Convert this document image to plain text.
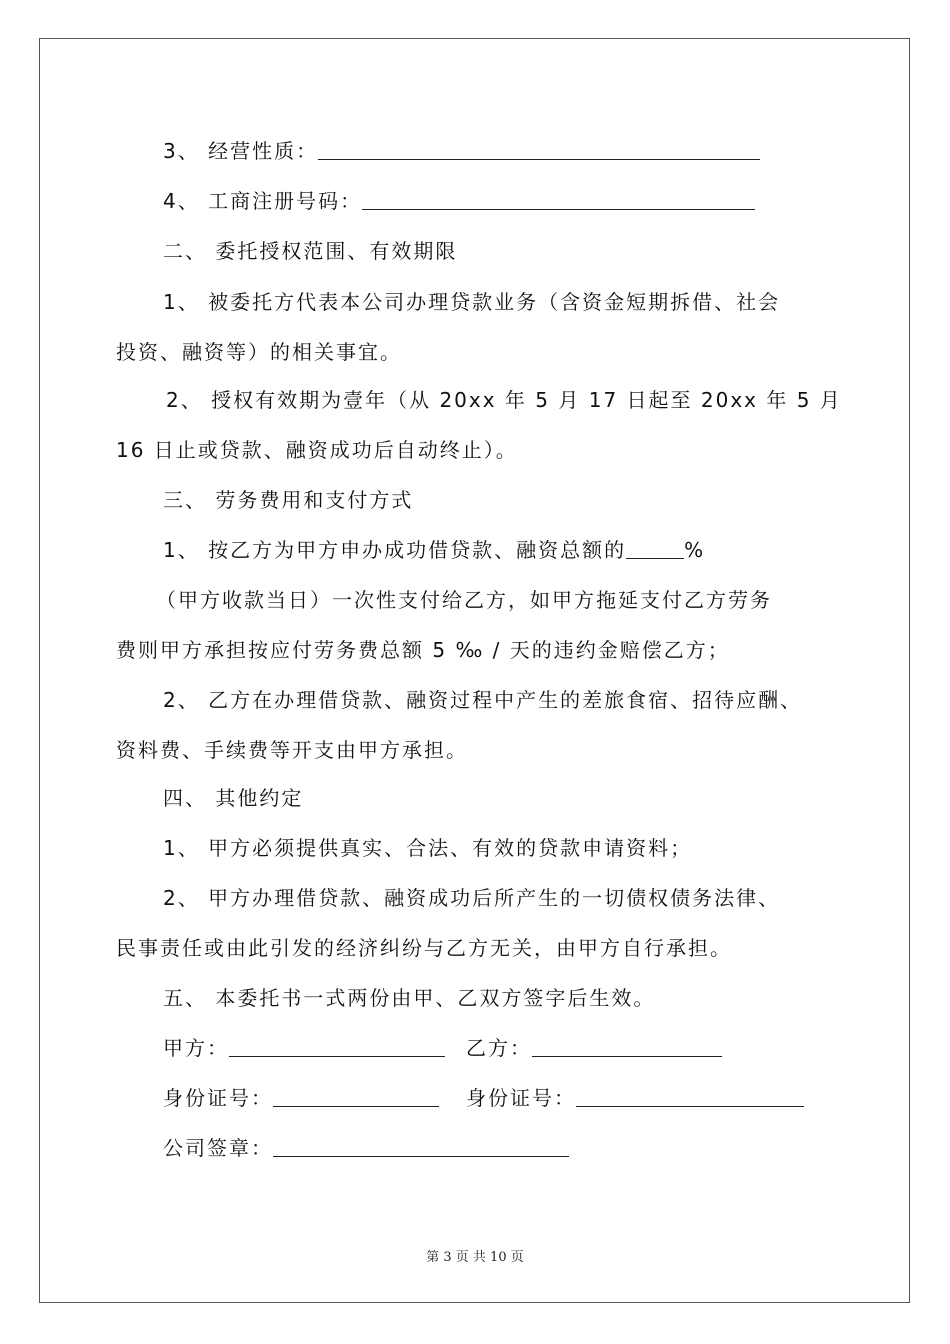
3、 经营性质：
4、 工商注册号码：
二、 委托授权范围、有效期限
1、 被委托方代表本公司办理贷款业务（含资金短期拆借、社会
投资、融资等）的相关事宜。
2、 授权有效期为壹年（从 20xx 年 5 月 17 日起至 20xx 年 5 月
16 日止或贷款、融资成功后自动终止）。
三、 劳务费用和支付方式
1、 按乙方为甲方申办成功借贷款、融资总额的	%
（甲方收款当日）一次性支付给乙方，如甲方拖延支付乙方劳务
费则甲方承担按应付劳务费总额 5 ‰ / 天的违约金赔偿乙方；
2、 乙方在办理借贷款、融资过程中产生的差旅食宿、招待应酬、
资料费、手续费等开支由甲方承担。
四、 其他约定
1、 甲方必须提供真实、合法、有效的贷款申请资料；
2、 甲方办理借贷款、融资成功后所产生的一切债权债务法律、
民事责任或由此引发的经济纠纷与乙方无关，由甲方自行承担。
五、 本委托书一式两份由甲、乙双方签字后生效。
甲方：	乙方：
身份证号：	身份证号：
公司签章：
第 3 页 共 10 页
